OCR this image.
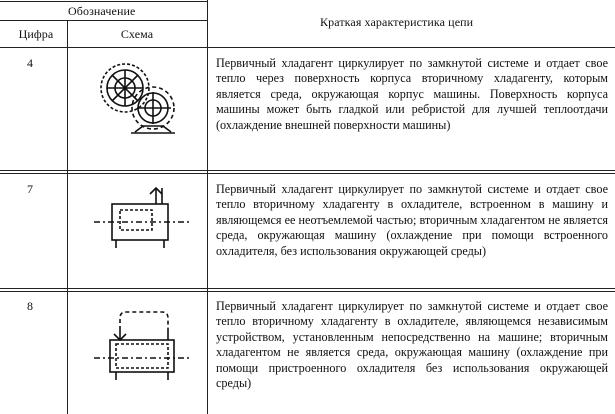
Обозначение
Цифра	Схема
Краткая характеристика цепи
4	Первичный хладагент циркулирует по замкнутой системе и отдает свое тепло через поверхность корпуса вторичному хладагенту, которым является среда, окружающая корпус машины. Поверхность корпуса машины может быть гладкой или ребристой для лучшей теплоотдачи (охлаждение внешней поверхности машины)
7	Первичный хладагент циркулирует по замкнутой системе и отдает свое тепло вторичному хладагенту в охладителе, встроенном в машину и являющемся ее неотъемлемой частью; вторичным хладагентом не является среда, окружающая машину (охлаждение при помощи встроенного охладителя, без использования окружающей среды)
8	Первичный хладагент циркулирует по замкнутой системе и отдает свое тепло вторичному хладагенту в охладителе, являющемся независимым устройством, установленным непосредственно на машине; вторичным хладагентом не является среда, окружающая машину (охлаждение при помощи пристроенного охладителя без использования окружающей среды)
